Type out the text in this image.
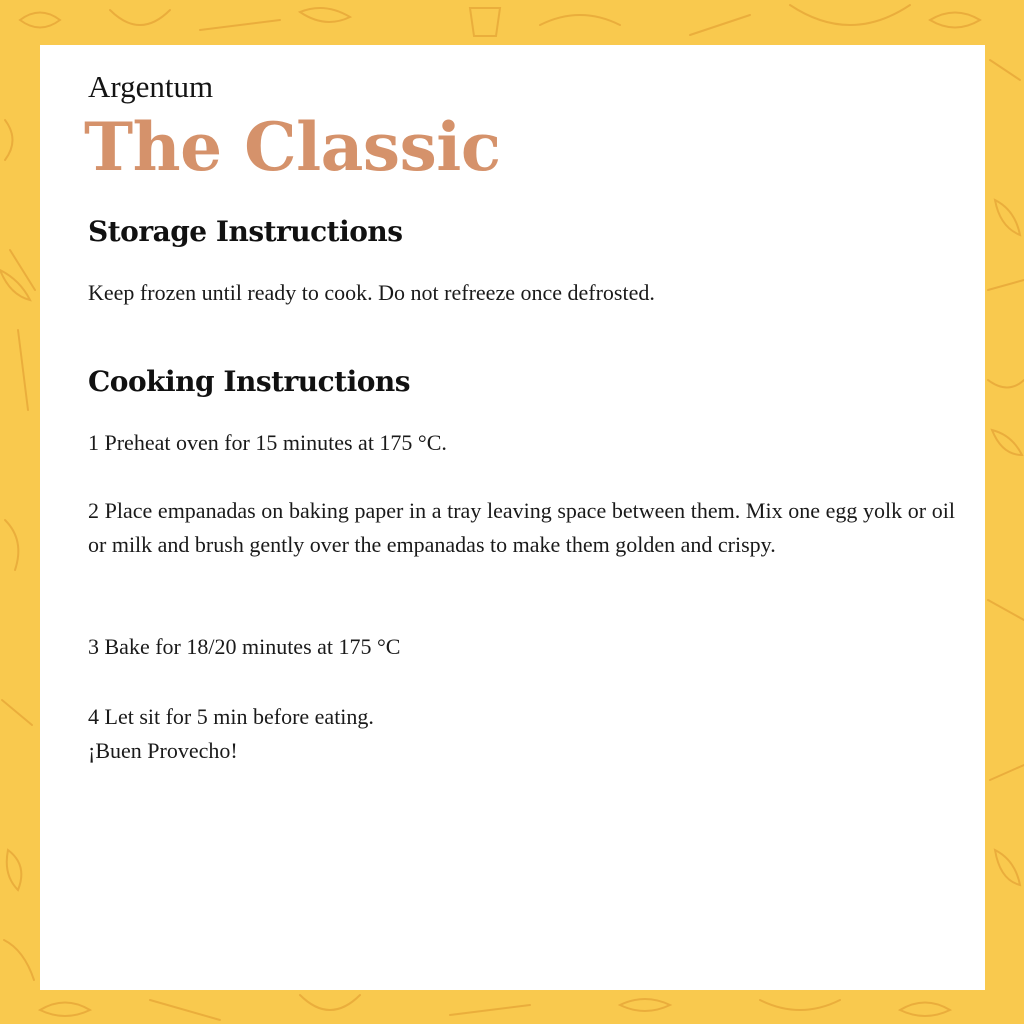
Argentum
The Classic
Storage Instructions
Keep frozen until ready to cook. Do not refreeze once defrosted.
Cooking Instructions
1 Preheat oven for 15 minutes at 175 °C.
2 Place empanadas on baking paper in a tray leaving space between them. Mix one egg yolk or oil or milk and brush gently over the empanadas to make them golden and crispy.
3 Bake for 18/20 minutes at 175 °C
4 Let sit for 5 min before eating.
¡Buen Provecho!
